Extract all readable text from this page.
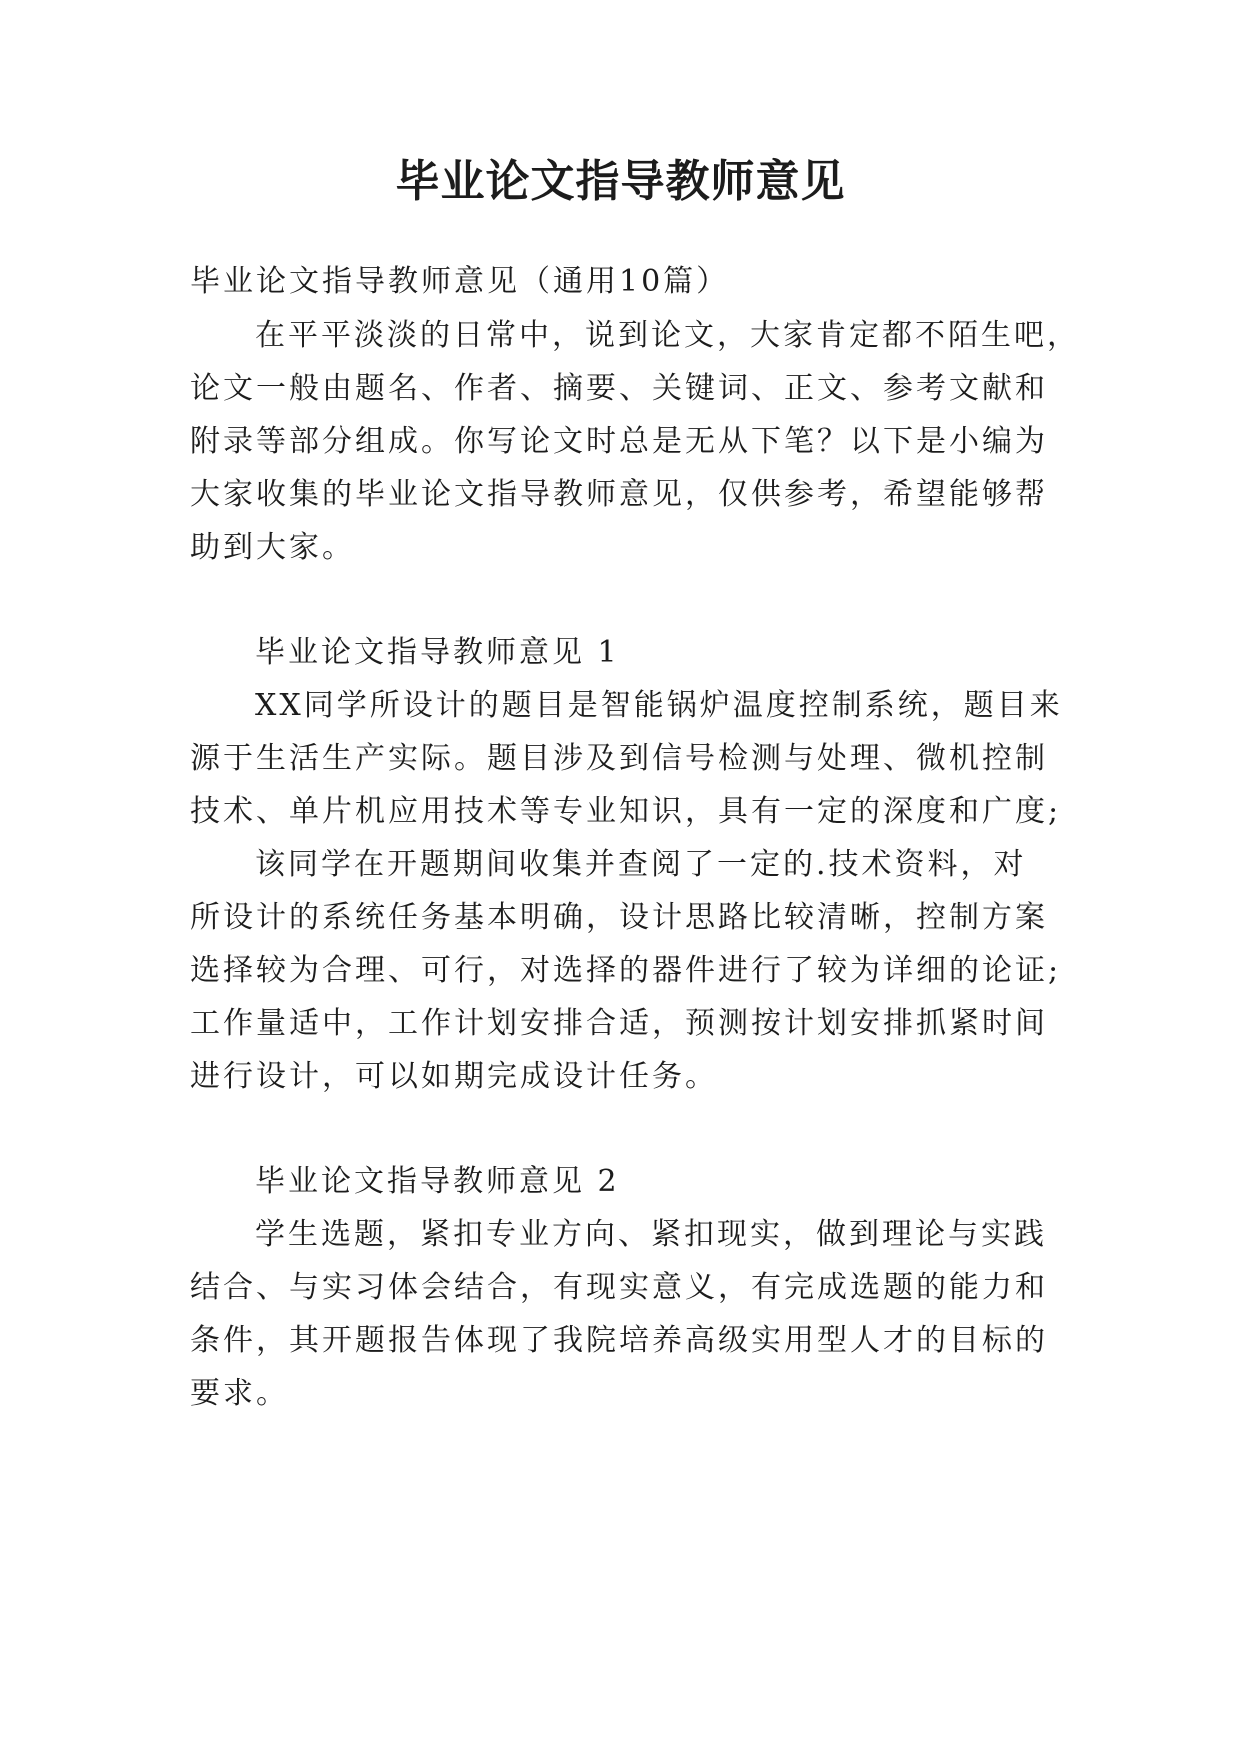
毕业论文指导教师意见

毕业论文指导教师意见（通用10篇）

在平平淡淡的日常中，说到论文，大家肯定都不陌生吧，

论文一般由题名、作者、摘要、关键词、正文、参考文献和

附录等部分组成。你写论文时总是无从下笔？以下是小编为

大家收集的毕业论文指导教师意见，仅供参考，希望能够帮

助到大家。

毕业论文指导教师意见 1

XX同学所设计的题目是智能锅炉温度控制系统，题目来

源于生活生产实际。题目涉及到信号检测与处理、微机控制

技术、单片机应用技术等专业知识，具有一定的深度和广度;

该同学在开题期间收集并查阅了一定的.技术资料，对

所设计的系统任务基本明确，设计思路比较清晰，控制方案

选择较为合理、可行，对选择的器件进行了较为详细的论证;

工作量适中，工作计划安排合适，预测按计划安排抓紧时间

进行设计，可以如期完成设计任务。

毕业论文指导教师意见 2

学生选题，紧扣专业方向、紧扣现实，做到理论与实践

结合、与实习体会结合，有现实意义，有完成选题的能力和

条件，其开题报告体现了我院培养高级实用型人才的目标的

要求。
